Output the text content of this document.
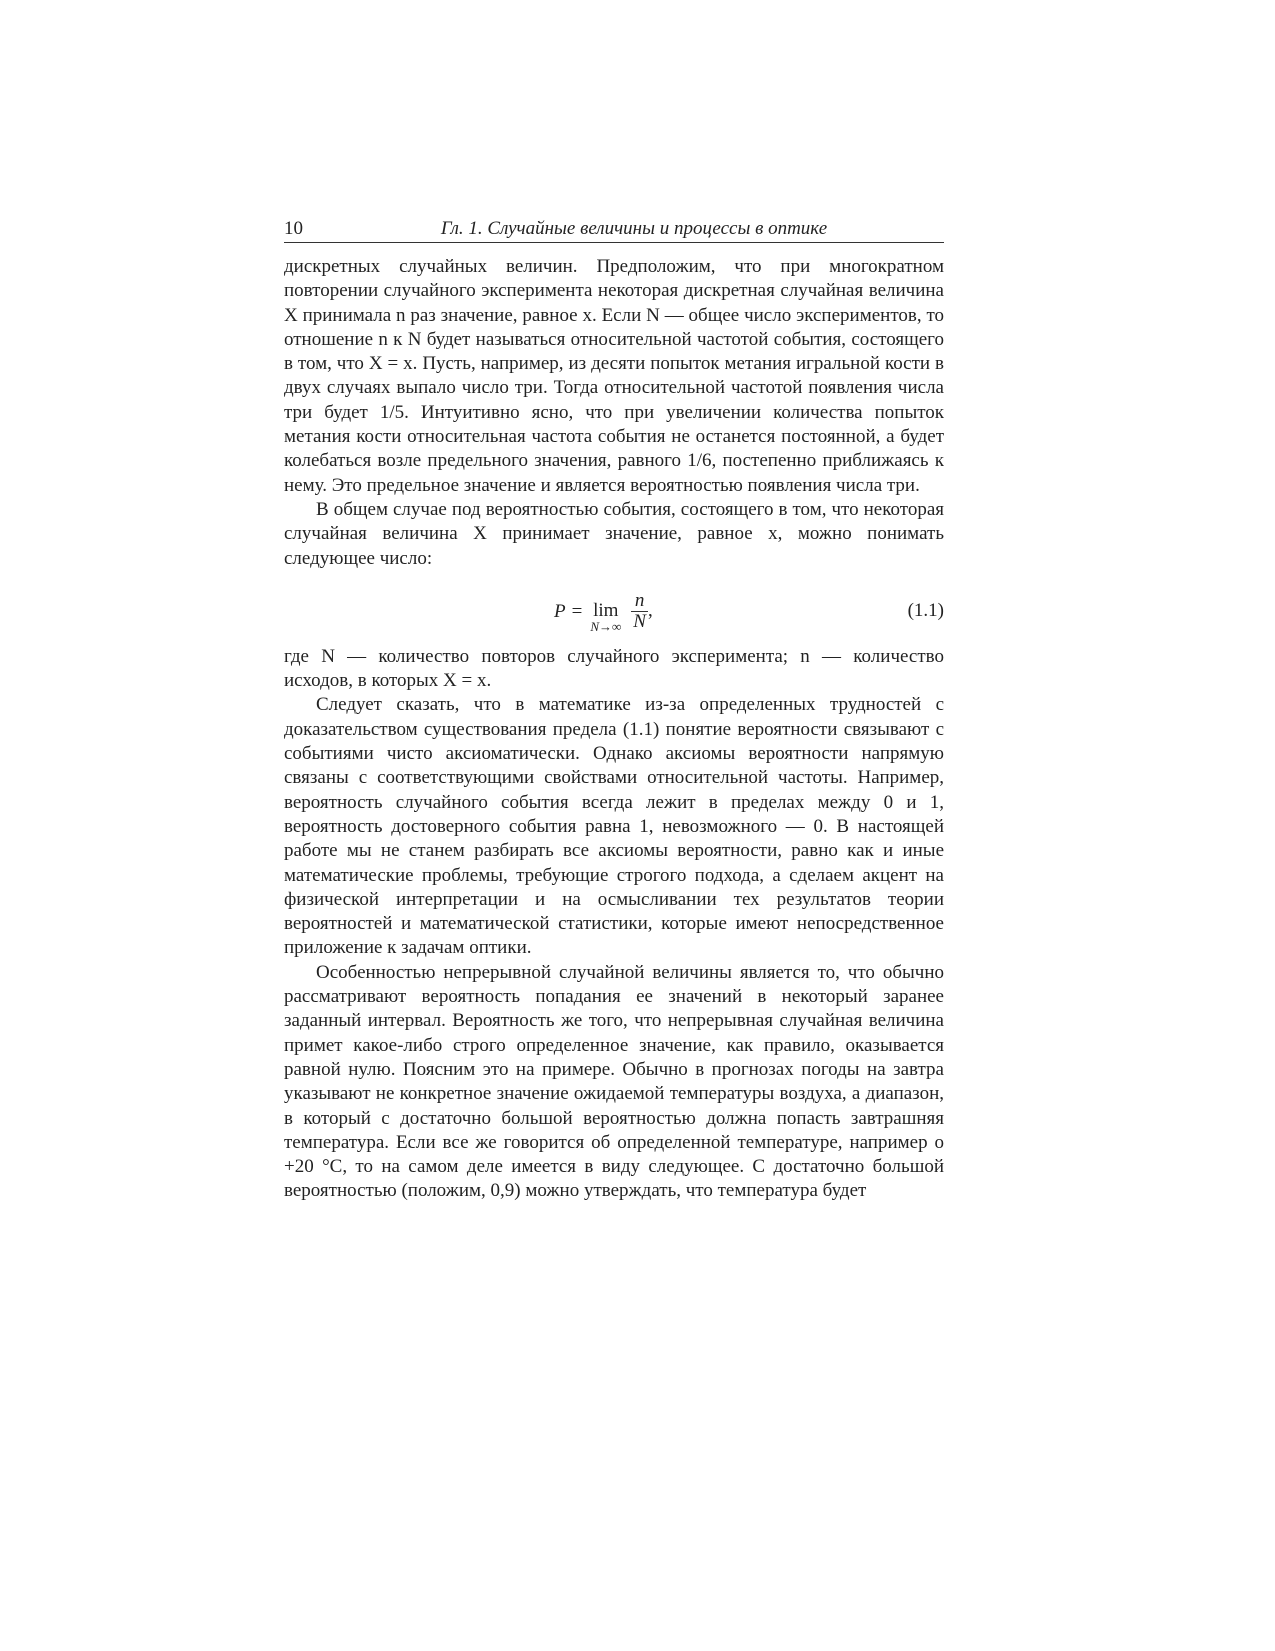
10	Гл. 1. Случайные величины и процессы в оптике

дискретных случайных величин. Предположим, что при многократном повторении случайного эксперимента некоторая дискретная случайная величина X принимала n раз значение, равное x. Если N — общее число экспериментов, то отношение n к N будет называться относительной частотой события, состоящего в том, что X = x. Пусть, например, из десяти попыток метания игральной кости в двух случаях выпало число три. Тогда относительной частотой появления числа три будет 1/5. Интуитивно ясно, что при увеличении количества попыток метания кости относительная частота события не останется постоянной, а будет колебаться возле предельного значения, равного 1/6, постепенно приближаясь к нему. Это предельное значение и является вероятностью появления числа три.

В общем случае под вероятностью события, состоящего в том, что некоторая случайная величина X принимает значение, равное x, можно понимать следующее число:

P = lim
$N\to\infty \frac{n}{N}$ ,	(1.1)

где N — количество повторов случайного эксперимента; n — количество исходов, в которых X = x.

Следует сказать, что в математике из-за определенных трудностей с доказательством существования предела (1.1) понятие вероятности связывают с событиями чисто аксиоматически. Однако аксиомы вероятности напрямую связаны с соответствующими свойствами относительной частоты. Например, вероятность случайного события всегда лежит в пределах между 0 и 1, вероятность достоверного события равна 1, невозможного — 0. В настоящей работе мы не станем разбирать все аксиомы вероятности, равно как и иные математические проблемы, требующие строгого подхода, а сделаем акцент на физической интерпретации и на осмысливании тех результатов теории вероятностей и математической статистики, которые имеют непосредственное приложение к задачам оптики.

Особенностью непрерывной случайной величины является то, что обычно рассматривают вероятность попадания ее значений в некоторый заранее заданный интервал. Вероятность же того, что непрерывная случайная величина примет какое-либо строго определенное значение, как правило, оказывается равной нулю. Поясним это на примере. Обычно в прогнозах погоды на завтра указывают не конкретное значение ожидаемой температуры воздуха, а диапазон, в который с достаточно большой вероятностью должна попасть завтрашняя температура. Если все же говорится об определенной температуре, например о +20 °C, то на самом деле имеется в виду следующее. С достаточно большой вероятностью (положим, 0,9) можно утверждать, что температура будет
